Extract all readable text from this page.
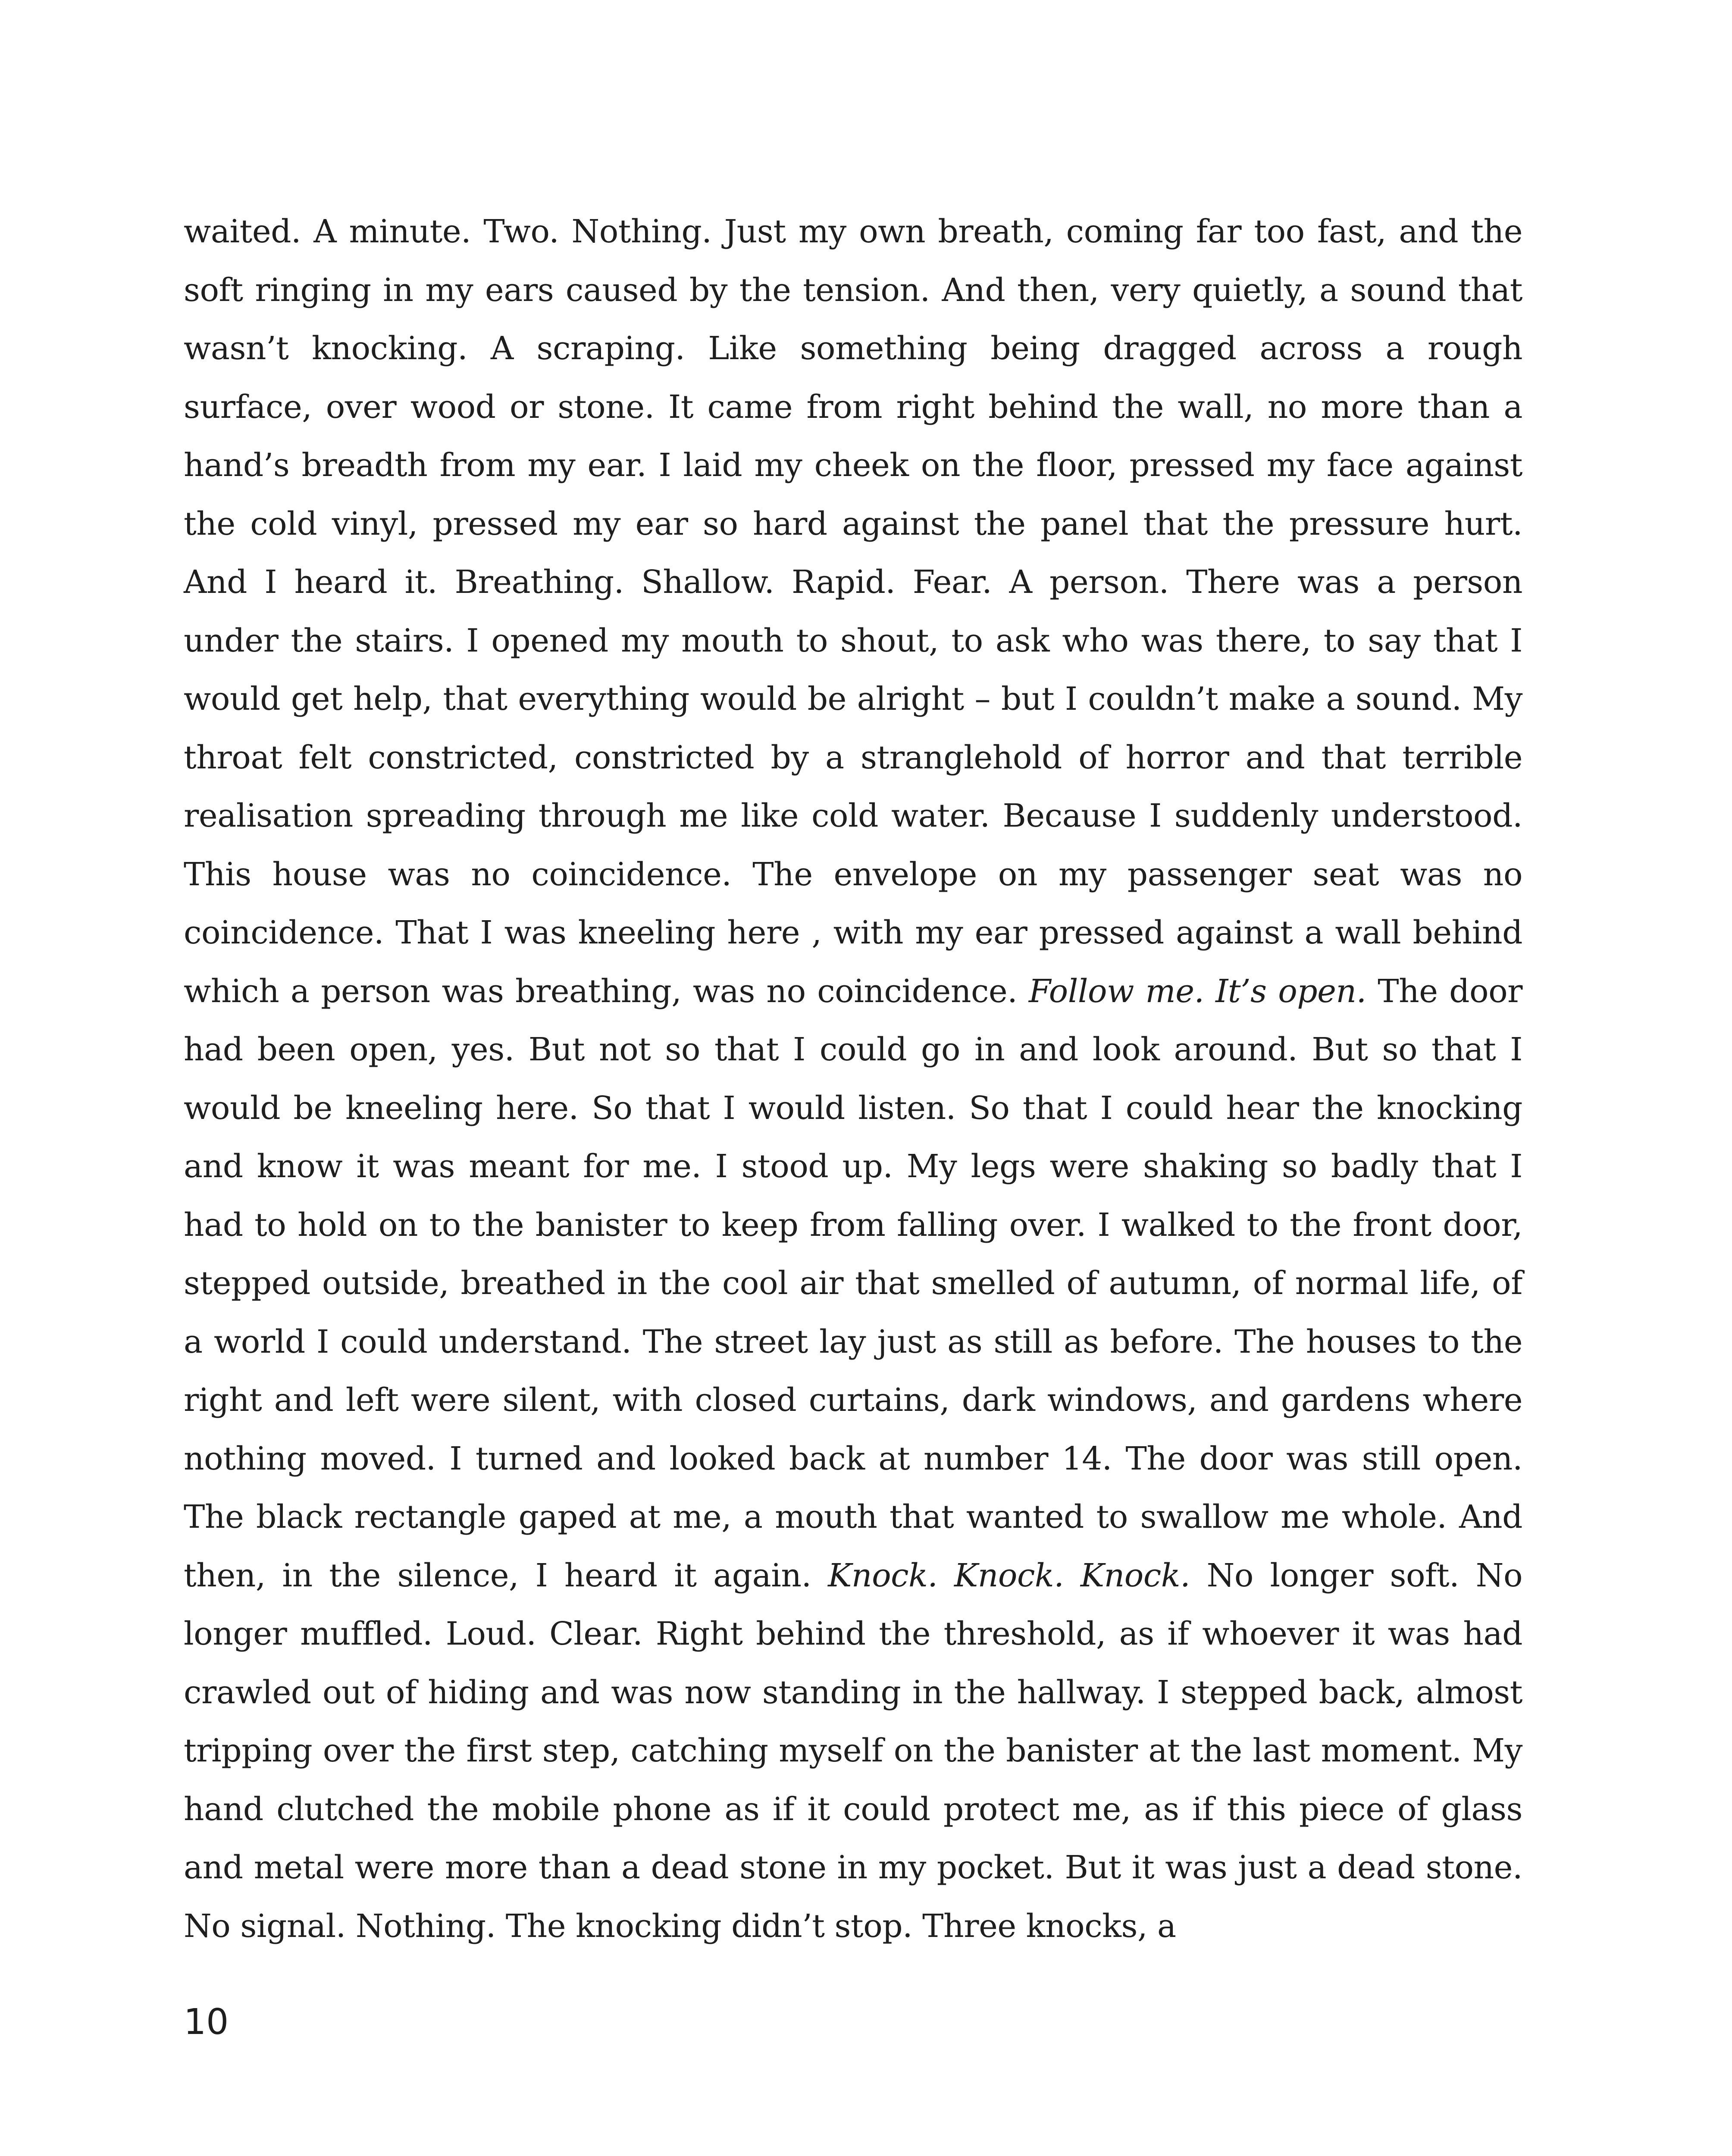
waited. A minute. Two. Nothing. Just my own breath, coming far too fast, and the soft ringing in my ears caused by the tension. And then, very quietly, a sound that wasn’t knocking. A scraping. Like something being dragged across a rough surface, over wood or stone. It came from right behind the wall, no more than a hand’s breadth from my ear. I laid my cheek on the floor, pressed my face against the cold vinyl, pressed my ear so hard against the panel that the pressure hurt. And I heard it. Breathing. Shallow. Rapid. Fear. A person. There was a person under the stairs. I opened my mouth to shout, to ask who was there, to say that I would get help, that everything would be alright – but I couldn’t make a sound. My throat felt constricted, constricted by a stranglehold of horror and that terrible realisation spreading through me like cold water. Because I suddenly understood. This house was no coincidence. The envelope on my passenger seat was no coincidence. That I was kneeling here , with my ear pressed against a wall behind which a person was breathing, was no coincidence. Follow me. It’s open. The door had been open, yes. But not so that I could go in and look around. But so that I would be kneeling here. So that I would listen. So that I could hear the knocking and know it was meant for me. I stood up. My legs were shaking so badly that I had to hold on to the banister to keep from falling over. I walked to the front door, stepped outside, breathed in the cool air that smelled of autumn, of normal life, of a world I could understand. The street lay just as still as before. The houses to the right and left were silent, with closed curtains, dark windows, and gardens where nothing moved. I turned and looked back at number 14. The door was still open. The black rectangle gaped at me, a mouth that wanted to swallow me whole. And then, in the silence, I heard it again. Knock. Knock. Knock. No longer soft. No longer muffled. Loud. Clear. Right behind the threshold, as if whoever it was had crawled out of hiding and was now standing in the hallway. I stepped back, almost tripping over the first step, catching myself on the banister at the last moment. My hand clutched the mobile phone as if it could protect me, as if this piece of glass and metal were more than a dead stone in my pocket. But it was just a dead stone. No signal. Nothing. The knocking didn’t stop. Three knocks, a

10
